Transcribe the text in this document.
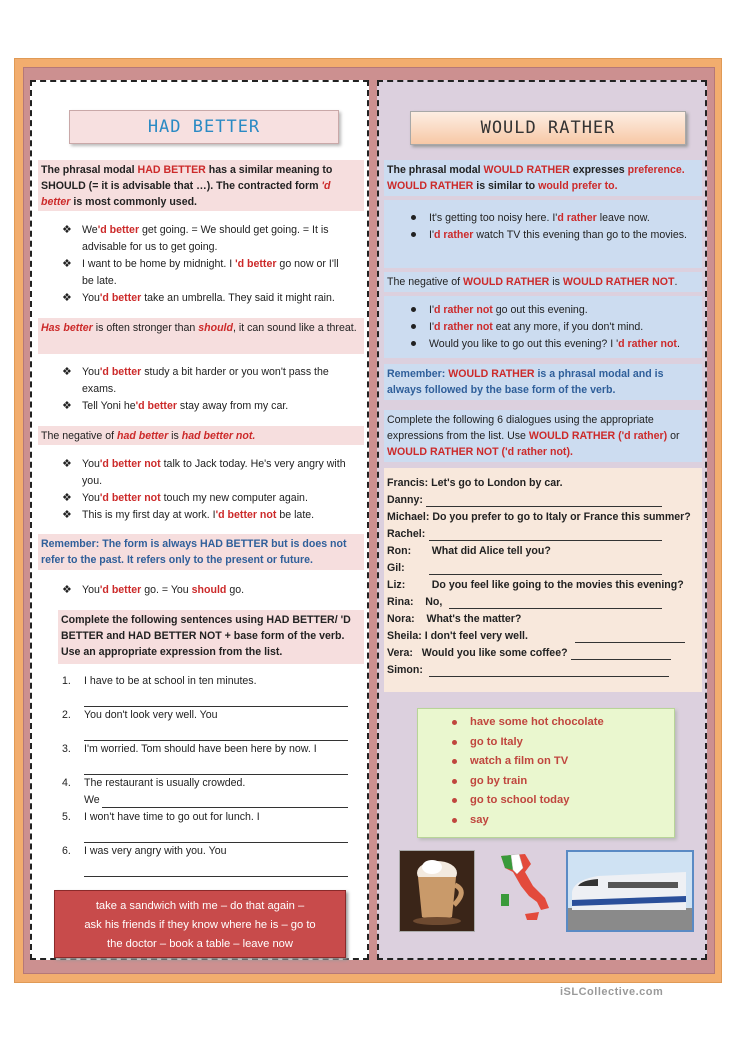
HAD BETTER
The phrasal modal HAD BETTER has a similar meaning to SHOULD (= it is advisable that …). The contracted form 'd better is most commonly used.
❖ We'd better get going. = We should get going. = It is advisable for us to get going.
❖ I want to be home by midnight. I 'd better go now or I'll be late.
❖ You'd better take an umbrella. They said it might rain.
Has better is often stronger than should, it can sound like a threat.
❖ You'd better study a bit harder or you won't pass the exams.
❖ Tell Yoni he'd better stay away from my car.
The negative of had better is had better not.
❖ You'd better not talk to Jack today. He's very angry with you.
❖ You'd better not touch my new computer again.
❖ This is my first day at work. I'd better not be late.
Remember: The form is always HAD BETTER but is does not refer to the past. It refers only to the present or future.
❖ You'd better go. = You should go.
Complete the following sentences using HAD BETTER/ 'D BETTER and HAD BETTER NOT + base form of the verb. Use an appropriate expression from the list.
1. I have to be at school in ten minutes.
2. You don't look very well. You
3. I'm worried. Tom should have been here by now. I
4. The restaurant is usually crowded.
We
5. I won't have time to go out for lunch. I
6. I was very angry with you. You
take a sandwich with me – do that again –
ask his friends if they know where he is – go to
the doctor – book a table – leave now
WOULD RATHER
The phrasal modal WOULD RATHER expresses preference. WOULD RATHER is similar to would prefer to.
It's getting too noisy here. I'd rather leave now.
I'd rather watch TV this evening than go to the movies.
The negative of WOULD RATHER is WOULD RATHER NOT.
I'd rather not go out this evening.
I'd rather not eat any more, if you don't mind.
Would you like to go out this evening? I 'd rather not.
Remember: WOULD RATHER is a phrasal modal and is always followed by the base form of the verb.
Complete the following 6 dialogues using the appropriate expressions from the list. Use WOULD RATHER ('d rather) or WOULD RATHER NOT ('d rather not).
Francis: Let's go to London by car.
Danny:
Michael: Do you prefer to go to Italy or France this summer?
Rachel:
Ron: What did Alice tell you?
Gil:
Liz:	Do you feel like going to the movies this evening?
Rina: No,
Nora: What's the matter?
Sheila: I don't feel very well.
Vera: Would you like some coffee?
Simon:
have some hot chocolate
go to Italy
watch a film on TV
go by train
go to school today
say
iSLCollective.com
